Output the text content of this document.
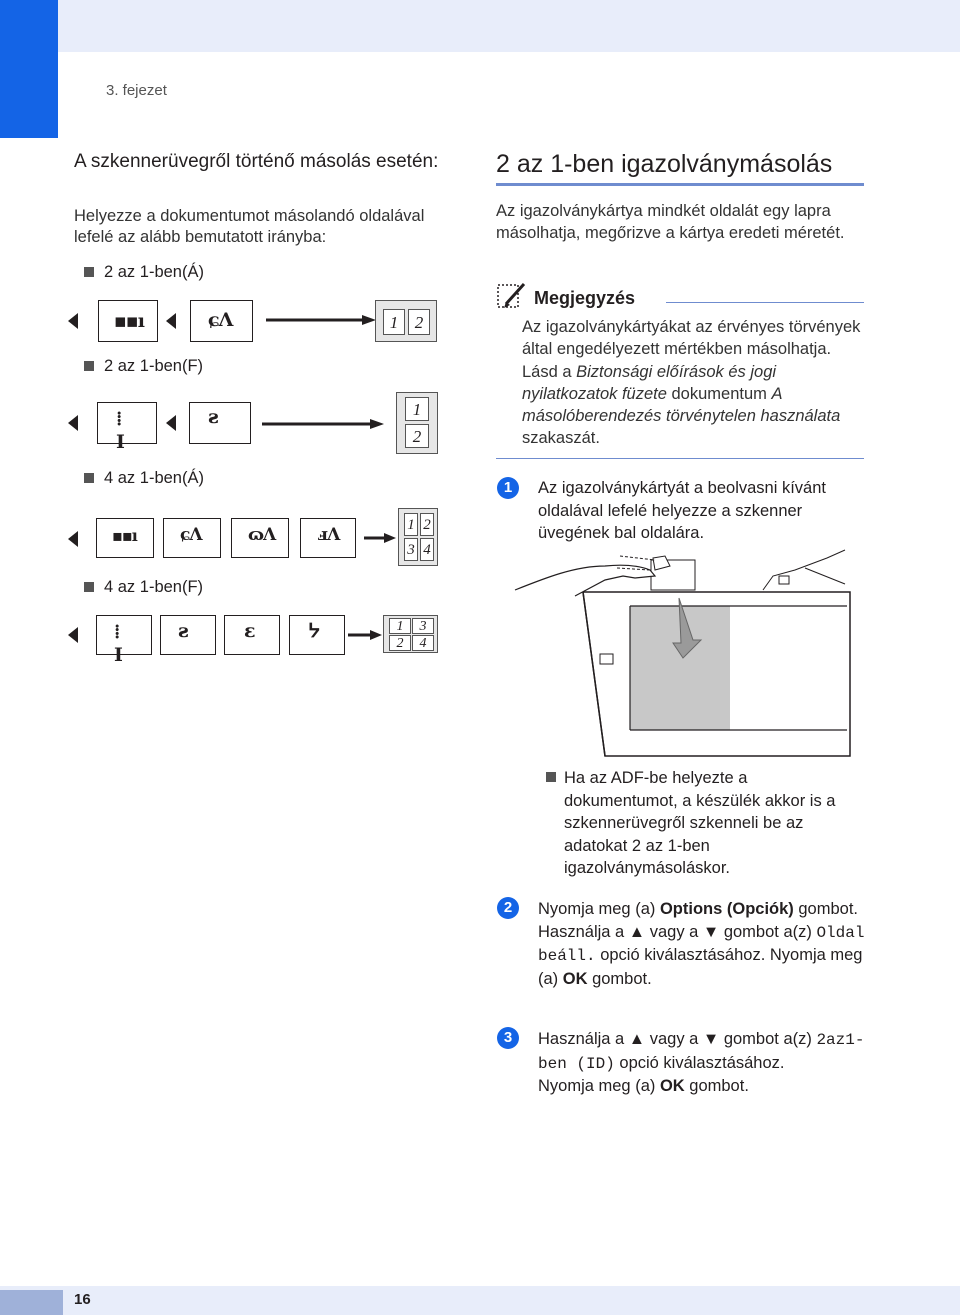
3. fejezet
16
A szkennerüvegről történő másolás esetén:
Helyezze a dokumentumot másolandó oldalával lefelé az alább bemutatott irányba:
2 az 1-ben(Á)
▪▪ı	ɕɅ	1 2
2 az 1-ben(F)
⁞I
ƨ	1
2
4 az 1-ben(Á)
▪▪ı	ɕɅ	ɷɅ	ⅎΛ	1 2
3 4
4 az 1-ben(F)
⁞I
ƨ	ɛ	ᔭ	1	3
2	4
2 az 1-ben igazolványmásolás
Az igazolványkártya mindkét oldalát egy lapra másolhatja, megőrizve a kártya eredeti méretét.
Megjegyzés
Az igazolványkártyákat az érvényes törvények által engedélyezett mértékben másolhatja. Lásd a Biztonsági előírások és jogi nyilatkozatok füzete dokumentum A másolóberendezés törvénytelen használata szakaszát.
1	Az igazolványkártyát a beolvasni kívánt oldalával lefelé helyezze a szkenner üvegének bal oldalára.
Ha az ADF-be helyezte a dokumentumot, a készülék akkor is a szkennerüvegről szkenneli be az adatokat 2 az 1-ben igazolványmásoláskor.
2	Nyomja meg (a) Options (Opciók) gombot. Használja a ▲ vagy a ▼ gombot a(z) Oldal beáll. opció kiválasztásához. Nyomja meg (a) OK gombot.
3	Használja a ▲ vagy a ▼ gombot a(z) 2az1-ben (ID) opció kiválasztásához.
Nyomja meg (a) OK gombot.
